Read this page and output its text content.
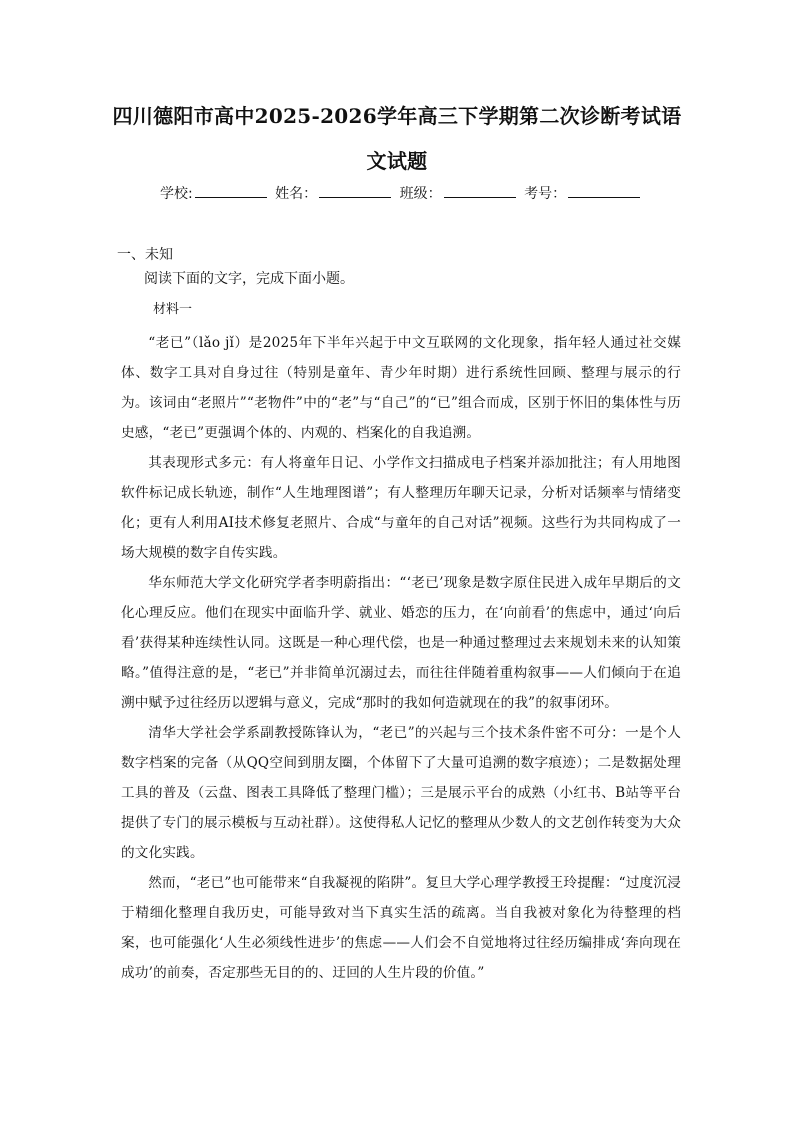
四川德阳市高中2025-2026学年高三下学期第二次诊断考试语
文试题
学校:	姓名：	班级：	考号：
一、未知
阅读下面的文字，完成下面小题。
材料一

“老已”（lǎo jǐ）是2025年下半年兴起于中文互联网的文化现象，指年轻人通过社交媒体、数字工具对自身过往（特别是童年、青少年时期）进行系统性回顾、整理与展示的行为。该词由“老照片”“老物件”中的“老”与“自己”的“已”组合而成，区别于怀旧的集体性与历史感，“老已”更强调个体的、内观的、档案化的自我追溯。

其表现形式多元：有人将童年日记、小学作文扫描成电子档案并添加批注；有人用地图软件标记成长轨迹，制作“人生地理图谱”；有人整理历年聊天记录，分析对话频率与情绪变化；更有人利用AI技术修复老照片、合成“与童年的自己对话”视频。这些行为共同构成了一场大规模的数字自传实践。

华东师范大学文化研究学者李明蔚指出：“‘老已’现象是数字原住民进入成年早期后的文化心理反应。他们在现实中面临升学、就业、婚恋的压力，在‘向前看’的焦虑中，通过‘向后看’获得某种连续性认同。这既是一种心理代偿，也是一种通过整理过去来规划未来的认知策略。”值得注意的是，“老已”并非简单沉溺过去，而往往伴随着重构叙事——人们倾向于在追溯中赋予过往经历以逻辑与意义，完成“那时的我如何造就现在的我”的叙事闭环。

清华大学社会学系副教授陈锋认为，“老已”的兴起与三个技术条件密不可分：一是个人数字档案的完备（从QQ空间到朋友圈，个体留下了大量可追溯的数字痕迹）；二是数据处理工具的普及（云盘、图表工具降低了整理门槛）；三是展示平台的成熟（小红书、B站等平台提供了专门的展示模板与互动社群）。这使得私人记忆的整理从少数人的文艺创作转变为大众的文化实践。

然而，“老已”也可能带来“自我凝视的陷阱”。复旦大学心理学教授王玲提醒：“过度沉浸于精细化整理自我历史，可能导致对当下真实生活的疏离。当自我被对象化为待整理的档案，也可能强化‘人生必须线性进步’的焦虑——人们会不自觉地将过往经历编排成‘奔向现在成功’的前奏，否定那些无目的的、迂回的人生片段的价值。”
